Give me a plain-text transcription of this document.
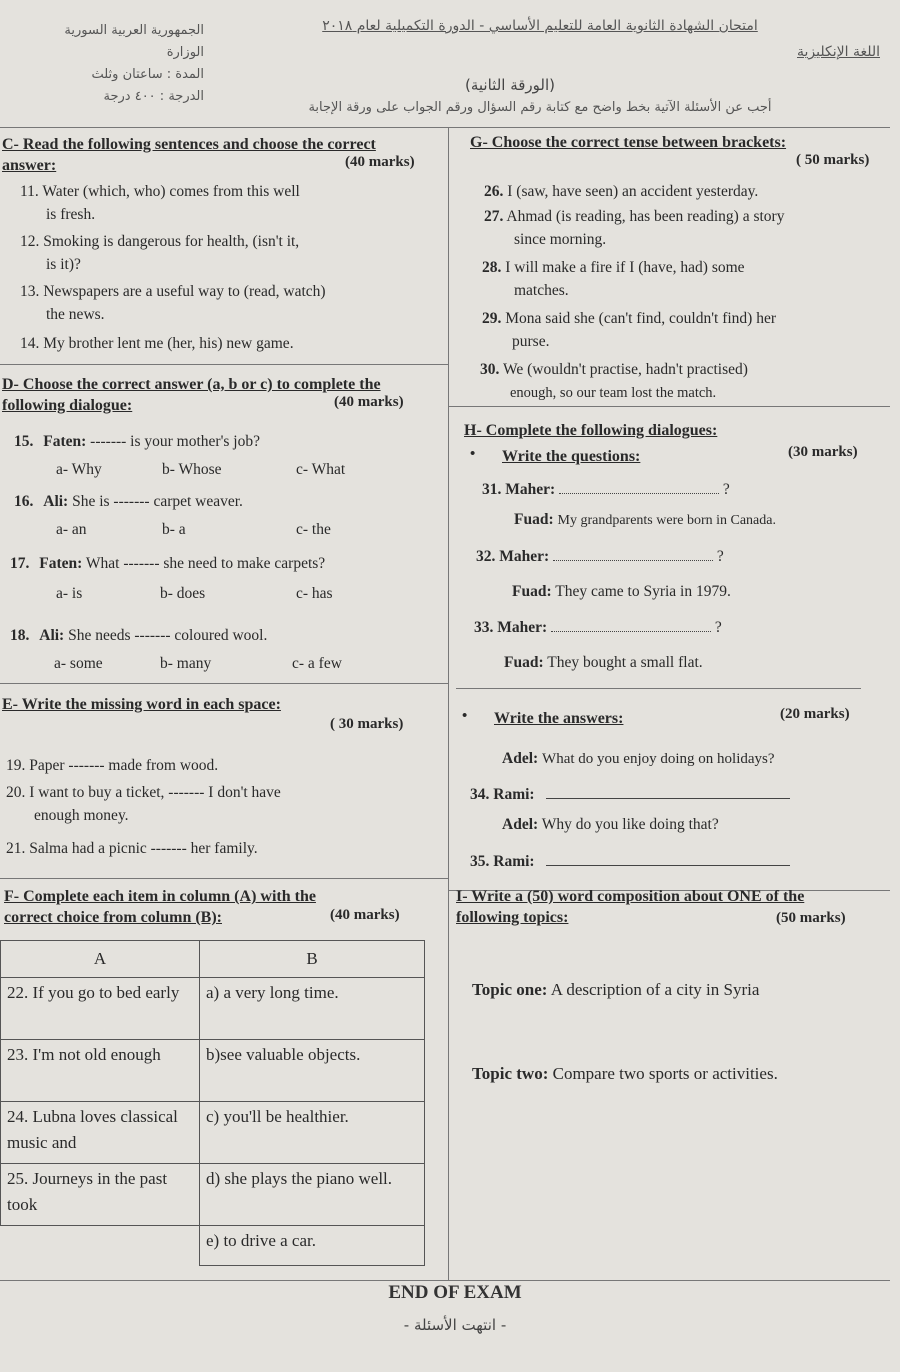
الجمهورية العربية السورية
الوزارة
المدة : ساعتان وثلث
الدرجة : ٤٠٠ درجة
امتحان الشهادة الثانوية العامة للتعليم الأساسي - الدورة التكميلية لعام ٢٠١٨
اللغة الإنكليزية
(الورقة الثانية)
أجب عن الأسئلة الآتية بخط واضح مع كتابة رقم السؤال ورقم الجواب على ورقة الإجابة
C- Read the following sentences and choose the correct answer:	(40 marks)
11. Water (which, who) comes from this well
is fresh.
12. Smoking is dangerous for health, (isn't it,
is it)?
13. Newspapers are a useful way to (read, watch)
the news.
14. My brother lent me (her, his) new game.
D- Choose the correct answer (a, b or c) to complete the following dialogue:	(40 marks)
15. Faten: ------- is your mother's job?
a- Why	b- Whose	c- What
16. Ali: She is ------- carpet weaver.
a- an	b- a	c- the
17. Faten: What ------- she need to make carpets?
a- is	b- does	c- has
18. Ali: She needs ------- coloured wool.
a- some	b- many	c- a few
E- Write the missing word in each space:
( 30 marks)
19. Paper ------- made from wood.
20. I want to buy a ticket, ------- I don't have
enough money.
21. Salma had a picnic ------- her family.
F- Complete each item in column (A) with the correct choice from column (B):	(40 marks)
A	B
22. If you go to bed early	a) a very long time.
23. I'm not old enough	b)see valuable objects.
24. Lubna loves classical music and	c) you'll be healthier.
25. Journeys in the past took	d) she plays the piano well.
	e) to drive a car.
G- Choose the correct tense between brackets:
( 50 marks)
26. I (saw, have seen) an accident yesterday.
27. Ahmad (is reading, has been reading) a story
since morning.
28. I will make a fire if I (have, had) some
matches.
29. Mona said she (can't find, couldn't find) her
purse.
30. We (wouldn't practise, hadn't practised)
enough, so our team lost the match.
H- Complete the following dialogues:
• Write the questions:	(30 marks)
31. Maher:	?
Fuad: My grandparents were born in Canada.
32. Maher:	?
Fuad: They came to Syria in 1979.
33. Maher:	?
Fuad: They bought a small flat.
• Write the answers:	(20 marks)
Adel: What do you enjoy doing on holidays?
34. Rami:
Adel: Why do you like doing that?
35. Rami:
I- Write a (50) word composition about ONE of the following topics:	(50 marks)
Topic one: A description of a city in Syria
Topic two: Compare two sports or activities.
END OF EXAM
- انتهت الأسئلة -
